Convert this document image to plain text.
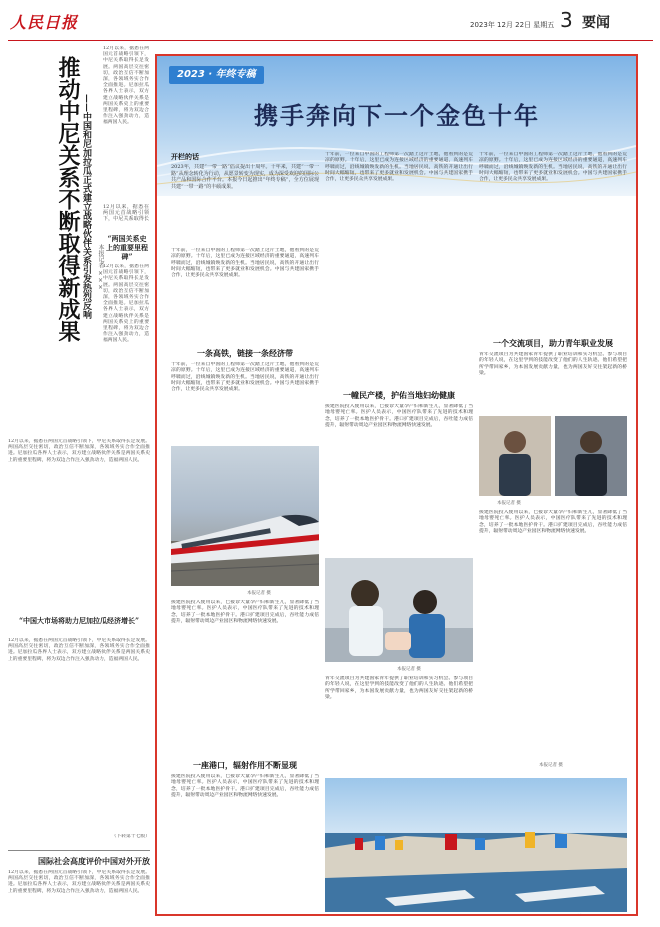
人民日报	2023年 12月 22日 星期五 3 要闻
推动中尼关系不断取得新成果 ——中国和尼加拉瓜正式建立战略伙伴关系引发热烈反响 本报记者 ×××
12月以来，据悉在两国元首战略引领下，中尼关系取得长足发展。两国高层交往密切，政治互信不断加深，各领域务实合作全面推进。尼加拉瓜各界人士表示，双方建立战略伙伴关系是两国关系史上的重要里程碑，将为双边合作注入强劲动力，造福两国人民。
12月以来，据悉在两国元首战略引领下，中尼关系取得长
“两国关系史上的重要里程碑”
12月以来，据悉在两国元首战略引领下，中尼关系取得长足发展。两国高层交往密切，政治互信不断加深，各领域务实合作全面推进。尼加拉瓜各界人士表示，双方建立战略伙伴关系是两国关系史上的重要里程碑，将为双边合作注入强劲动力，造福两国人民。
12月以来，据悉在两国元首战略引领下，中尼关系取得长足发展。两国高层交往密切，政治互信不断加深，各领域务实合作全面推进。尼加拉瓜各界人士表示，双方建立战略伙伴关系是两国关系史上的重要里程碑，将为双边合作注入强劲动力，造福两国人民。
“中国大市场将助力尼加拉瓜经济增长”
12月以来，据悉在两国元首战略引领下，中尼关系取得长足发展。两国高层交往密切，政治互信不断加深，各领域务实合作全面推进。尼加拉瓜各界人士表示，双方建立战略伙伴关系是两国关系史上的重要里程碑，将为双边合作注入强劲动力，造福两国人民。
（下转第十七版）
国际社会高度评价中国对外开放
12月以来，据悉在两国元首战略引领下，中尼关系取得长足发展。两国高层交往密切，政治互信不断加深，各领域务实合作全面推进。尼加拉瓜各界人士表示，双方建立战略伙伴关系是两国关系史上的重要里程碑，将为双边合作注入强劲动力，造福两国人民。
2023 · 年终专稿
携手奔向下一个金色十年
开栏的话
2023年，共建“一带一路”倡议提出十周年。十年来，共建“一带一路”从理念转化为行动，从愿景转变为现实，成为深受欢迎的国际公共产品和国际合作平台。本报今日起推出“年终专稿”，全方位展现共建“一带一路”的丰硕成果。
十年前，一位来自中国的工程师第一次踏上这片土地，他看到的是荒凉的原野。十年后，这里已成为连接区域经济的重要通道，高速列车呼啸而过，沿线城镇焕发新的生机。当地居民说，高铁的开通让出行时间大幅缩短，也带来了更多就业和发展机会。中国与共建国家携手合作，让更多民众共享发展成果。
一条高铁，链接一条经济带
十年前，一位来自中国的工程师第一次踏上这片土地，他看到的是荒凉的原野。十年后，这里已成为连接区域经济的重要通道，高速列车呼啸而过，沿线城镇焕发新的生机。当地居民说，高铁的开通让出行时间大幅缩短，也带来了更多就业和发展机会。中国与共建国家携手合作，让更多民众共享发展成果。
本报记者 摄
援建医院投入使用以来，已接诊大量孕产妇和新生儿，显著降低了当地母婴死亡率。医护人员表示，中国医疗队带来了先进的技术和理念，培养了一批本地医护骨干。港口扩建项目完成后，吞吐能力成倍提升，辐射带动周边产业园区和物流网络快速发展。
一座港口，辐射作用不断显现
援建医院投入使用以来，已接诊大量孕产妇和新生儿，显著降低了当地母婴死亡率。医护人员表示，中国医疗队带来了先进的技术和理念，培养了一批本地医护骨干。港口扩建项目完成后，吞吐能力成倍提升，辐射带动周边产业园区和物流网络快速发展。
十年前，一位来自中国的工程师第一次踏上这片土地，他看到的是荒凉的原野。十年后，这里已成为连接区域经济的重要通道，高速列车呼啸而过，沿线城镇焕发新的生机。当地居民说，高铁的开通让出行时间大幅缩短，也带来了更多就业和发展机会。中国与共建国家携手合作，让更多民众共享发展成果。
一幢民产楼，护佑当地妇幼健康
援建医院投入使用以来，已接诊大量孕产妇和新生儿，显著降低了当地母婴死亡率。医护人员表示，中国医疗队带来了先进的技术和理念，培养了一批本地医护骨干。港口扩建项目完成后，吞吐能力成倍提升，辐射带动周边产业园区和物流网络快速发展。
本报记者 摄
青年交流项目为共建国家青年提供了职业培训和实习机会。参与项目的年轻人说，在这里学到的技能改变了他们的人生轨迹。他们希望把所学带回家乡，为本国发展贡献力量，也为两国友好交往架起新的桥梁。
十年前，一位来自中国的工程师第一次踏上这片土地，他看到的是荒凉的原野。十年后，这里已成为连接区域经济的重要通道，高速列车呼啸而过，沿线城镇焕发新的生机。当地居民说，高铁的开通让出行时间大幅缩短，也带来了更多就业和发展机会。中国与共建国家携手合作，让更多民众共享发展成果。
一个交流项目，助力青年职业发展
青年交流项目为共建国家青年提供了职业培训和实习机会。参与项目的年轻人说，在这里学到的技能改变了他们的人生轨迹。他们希望把所学带回家乡，为本国发展贡献力量，也为两国友好交往架起新的桥梁。
本报记者 摄
援建医院投入使用以来，已接诊大量孕产妇和新生儿，显著降低了当地母婴死亡率。医护人员表示，中国医疗队带来了先进的技术和理念，培养了一批本地医护骨干。港口扩建项目完成后，吞吐能力成倍提升，辐射带动周边产业园区和物流网络快速发展。
本报记者 摄
